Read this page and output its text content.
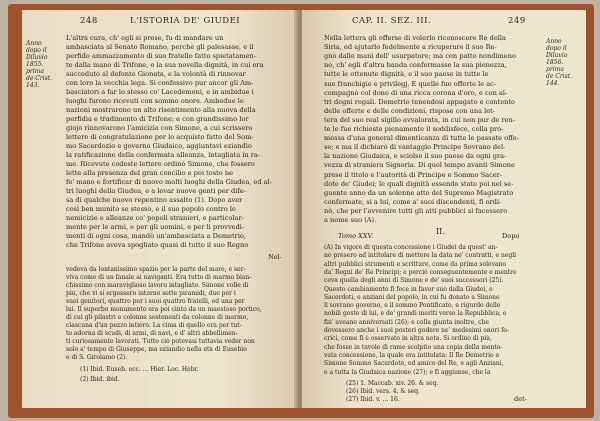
248	L'ISTORIA DE' GIUDEI
Anno
dopo il
Diluvio
1855.
prima
de Crist.
143.
L'altra cura, ch' egli si prese, fu di mandare un
ambasciata al Senato Romano, perchè gli palesasse, e il
perfido ammazzamento di suo fratello fatto spietatamen-
te dalla mano di Trifone, e la sua novella dignità, in cui era
succeduto al defonto Gionata, e la volontà di rinnovar
con loro la vecchia lega. Si confessivo pur ancor gli Am-
basciatori a far lo stesso co' Lacedemoni, e in ambidue i
luoghi furono ricevuti con sommo onore. Ambedue le
nazioni mostrarono un alto risentimento alla nuova della
perfidia e tradimento di Trifone; e con grandissimo lor
giojo rinnovarono l'amicizia con Simone, a cui scrissero
lettere di congratulazione per lo acquisto fatto del Som-
mo Sacerdozio e governo Giudaico, aggiuntavi eziandio
la ratificazione della confermata alleanza, intagliata in ra-
me. Ricevute codeste lettere ordinò Simone, che fossero
lette alla presenza del gran concilio e poi tosto ne
fe' mano e fortificar di nuovo molti luoghi della Giudea, ed al-
tri luoghi della Giudea, e a levar nuove genti per dife-
sa di qualche nuovo repentino assalto (1). Dopo aver
così ben munito se stesso, e il suo popolo contro le
nemicizie e alleanze co' popoli stranieri, e particolar-
mente per le armi, e per gli uomini, e per li provvedi-
menti di ogni cosa, mandò un'ambasciata a Demetrio,
che Trifone aveva spogliato quasi di tutto il suo Regno
Nel-
vedeva da lontanissimo spazio per la parte del mare, e ser-
viva come di un fanale ai naviganti. Era tutto di marmo bian-
chissimo con maraviglioso lavoro intagliato. Simone volle di
più, che vi si ergessero intorno sette piramidi, due per i
suoi genitori, quattro per i suoi quattro fratelli, ed una per
lui. Il superbo monumento era poi cinto da un maestoso portico,
di cui gli pilastri e colonne sostenenti da colonne di marmo,
ciascuna d'un pezzo intiero. La cima di quello era per tut-
to adorna di scudi, di armi, di navi, e d' altri abbellimen-
ti curiosamente lavorati. Tutto ciò potevasi tuttavia veder non
solo a' tempo di Giuseppe, ma eziandio nella età di Eusebio
e di S. Girolamo (2).
(1) Ibid. Euseb. ecc. ... Hier. Loc. Hebr.
(2) Ibid. ibid.
CAP. II. SEZ. III.	249
Anno
dopo il
Diluvio
1856.
prima
de Crist.
144.
Nella lettera gli offerse di volerlo riconoscere Re della
Siria, ed ajutarlo fedelmente a ricuperare il suo Re-
gno dalle mani dell' usurpatore; ma con patto nondimeno
no, ch' egli d'altra banda confermasse la sua pienezza,
tutte le ottenute dignità, e il suo paese in tutte le
sue franchigie e privilegj. E quelle fue offerte le ac-
compagnò col dono di una ricca corona d'oro, e con al-
tri degni regali. Demetrio tenendosi appagato e contento
delle offerte e delle condizioni, rispose con una let-
tera del suo real sigillo avvalorata, in cui non pur de ren-
te le fue richieste pienamente il soddisfece, colla pro-
messa d'una general dimenticanza di tutte le passate offe-
se; e ma il dichiarò di vantaggio Principe Sovrano del-
la nazione Giudaica, e sciolse il suo paese da ogni gra-
vezza di straniera Signoria. Di quel tempo avanti Simone
prese il titolo e l'autorità di Principe e Sommo Sacer-
dote de' Giudei; le quali dignità essendo state poi nel se-
guente anno da un solenne atto del Supremo Magistrato
confermate, si a lui, come a' suoi discendenti, fì ordi-
nò, che per l'avvenire tutti gli atti pubblici si facessero
a nome suo (A).
Tomo XXV.	II.	Dopo
(A) In vigore di questa concessione i Giudei da quest' an-
no presero ad intitolare di mettere la data ne' contratti, e negli
altri pubblici strumenti e scritture, come da prima solevano
da' Regni de' Re Principi; e perciò conseguentemente e mentre
ceva quella degli anni di Simone e de' suoi successori (25).
Questo cambiamento fì fece in favor suo dalla Giudei, e
Sacerdoti, e anziani del popolo, in cui fu donato a Simone
il sovrano governo, e il sommo Pontificato, e rigurdo delle
nobili geste di lui, e de' grandi meriti verso la Repubblica, e
fin' aveano anniversati (26); e colla giunta inoltre, che
dovessero anche i suoi posteri godere ne' medesimi onori fo-
crici, come fì è osservato in altra nota. Si ordinò di più,
che fosse in tavole di rame scolpito una copia della mento-
vata concessione, la quale era intitolata: Il Re Demetrio a
Simone Sommo Sacerdote, ed amico del Re, e agli Anziani,
e a tutta la Giudaica nazione (27); e fì aggiunse, che la
(25) 1. Maccab. xiv. 26. & seq.
(26) Ibid. vers. 4. & seq.
(27) Ibid. v. ... 16.	det-
